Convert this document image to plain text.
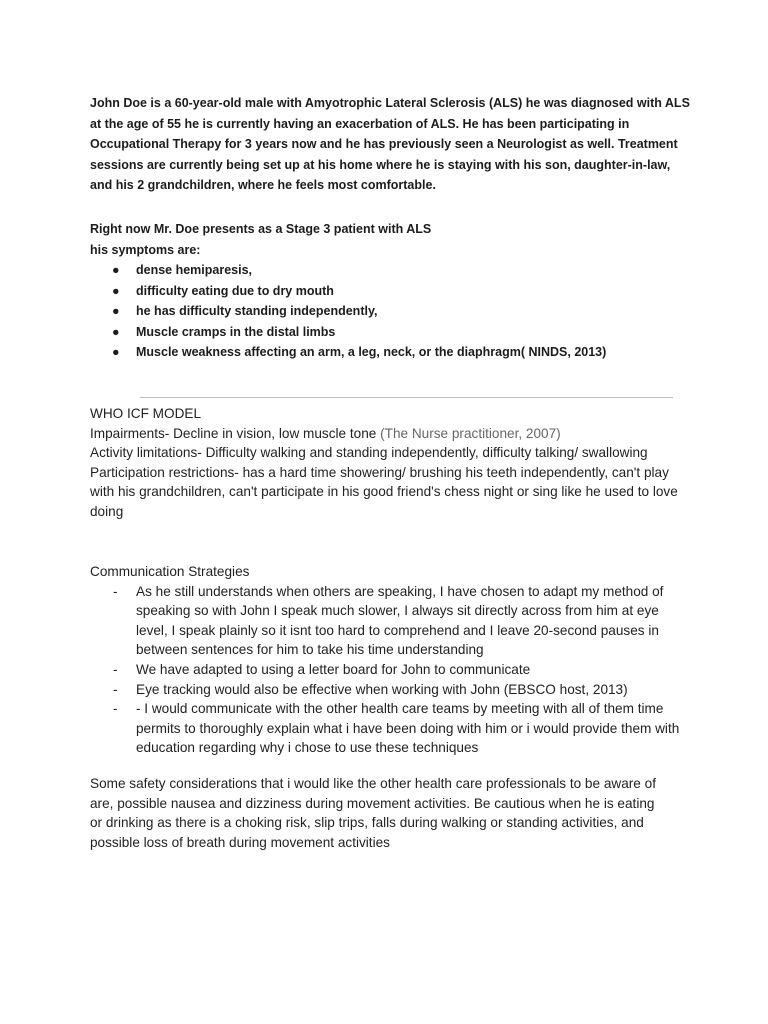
John Doe is a 60-year-old male with Amyotrophic Lateral Sclerosis (ALS) he was diagnosed with ALS at the age of 55 he is currently having an exacerbation of ALS. He has been participating in Occupational Therapy for 3 years now and he has previously seen a Neurologist as well. Treatment sessions are currently being set up at his home where he is staying with his son, daughter-in-law, and his 2 grandchildren, where he feels most comfortable.

Right now Mr. Doe presents as a Stage 3 patient with ALS

his symptoms are:

● dense hemiparesis,
● difficulty eating due to dry mouth
● he has difficulty standing independently,
● Muscle cramps in the distal limbs
● Muscle weakness affecting an arm, a leg, neck, or the diaphragm( NINDS, 2013)

WHO ICF MODEL

Impairments- Decline in vision, low muscle tone (The Nurse practitioner, 2007)

Activity limitations- Difficulty walking and standing independently, difficulty talking/ swallowing

Participation restrictions- has a hard time showering/ brushing his teeth independently, can't play with his grandchildren, can't participate in his good friend's chess night or sing like he used to love doing

Communication Strategies

- As he still understands when others are speaking, I have chosen to adapt my method of speaking so with John I speak much slower, I always sit directly across from him at eye level, I speak plainly so it isnt too hard to comprehend and I leave 20-second pauses in between sentences for him to take his time understanding
- We have adapted to using a letter board for John to communicate
- Eye tracking would also be effective when working with John (EBSCO host, 2013)
- - I would communicate with the other health care teams by meeting with all of them time permits to thoroughly explain what i have been doing with him or i would provide them with education regarding why i chose to use these techniques

Some safety considerations that i would like the other health care professionals to be aware of are, possible nausea and dizziness during movement activities. Be cautious when he is eating or drinking as there is a choking risk, slip trips, falls during walking or standing activities, and possible loss of breath during movement activities
